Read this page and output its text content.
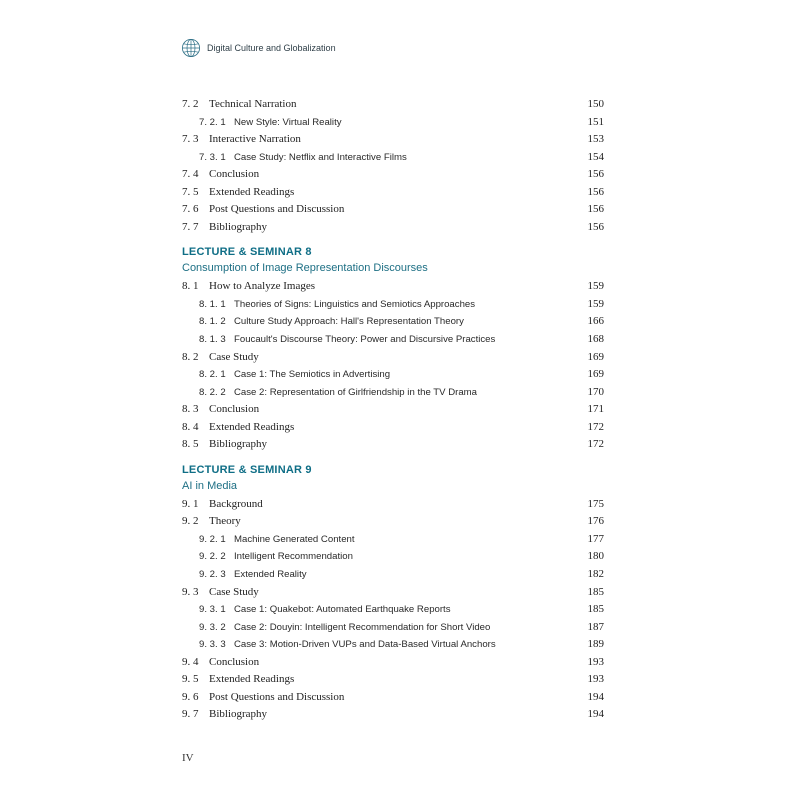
Digital Culture and Globalization
7. 2 Technical Narration	150
7. 2. 1 New Style: Virtual Reality	151
7. 3 Interactive Narration	153
7. 3. 1 Case Study: Netflix and Interactive Films	154
7. 4 Conclusion	156
7. 5 Extended Readings	156
7. 6 Post Questions and Discussion	156
7. 7 Bibliography	156
LECTURE & SEMINAR 8
Consumption of Image Representation Discourses
8. 1 How to Analyze Images	159
8. 1. 1 Theories of Signs: Linguistics and Semiotics Approaches	159
8. 1. 2 Culture Study Approach: Hall's Representation Theory	166
8. 1. 3 Foucault's Discourse Theory: Power and Discursive Practices	168
8. 2 Case Study	169
8. 2. 1 Case 1: The Semiotics in Advertising	169
8. 2. 2 Case 2: Representation of Girlfriendship in the TV Drama	170
8. 3 Conclusion	171
8. 4 Extended Readings	172
8. 5 Bibliography	172
LECTURE & SEMINAR 9
AI in Media
9. 1 Background	175
9. 2 Theory	176
9. 2. 1 Machine Generated Content	177
9. 2. 2 Intelligent Recommendation	180
9. 2. 3 Extended Reality	182
9. 3 Case Study	185
9. 3. 1 Case 1: Quakebot: Automated Earthquake Reports	185
9. 3. 2 Case 2: Douyin: Intelligent Recommendation for Short Video	187
9. 3. 3 Case 3: Motion-Driven VUPs and Data-Based Virtual Anchors	189
9. 4 Conclusion	193
9. 5 Extended Readings	193
9. 6 Post Questions and Discussion	194
9. 7 Bibliography	194
IV
